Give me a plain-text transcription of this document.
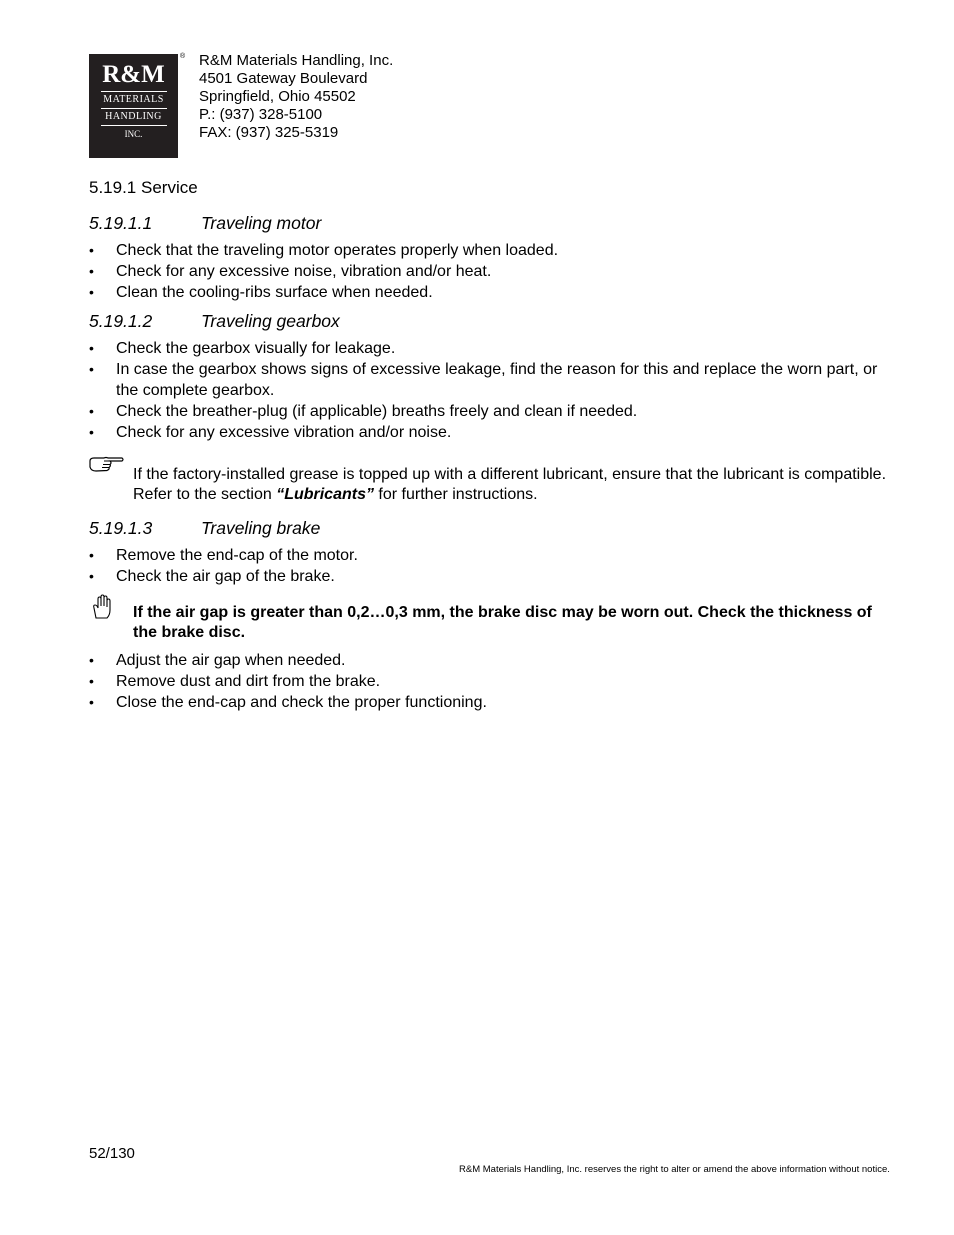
R&M
MATERIALS
HANDLING
INC.
® R&M Materials Handling, Inc.
4501 Gateway Boulevard
Springfield, Ohio 45502
P.: (937) 328-5100
FAX: (937) 325-5319
5.19.1 Service
5.19.1.1	Traveling motor
• Check that the traveling motor operates properly when loaded.
• Check for any excessive noise, vibration and/or heat.
• Clean the cooling-ribs surface when needed.
5.19.1.2	Traveling gearbox
• Check the gearbox visually for leakage.
• In case the gearbox shows signs of excessive leakage, find the reason for this and replace the worn part, or the complete gearbox.
• Check the breather-plug (if applicable) breaths freely and clean if needed.
• Check for any excessive vibration and/or noise.
If the factory-installed grease is topped up with a different lubricant, ensure that the lubricant is compatible. Refer to the section “Lubricants” for further instructions.
5.19.1.3	Traveling brake
• Remove the end-cap of the motor.
• Check the air gap of the brake.
If the air gap is greater than 0,2…0,3 mm, the brake disc may be worn out. Check the thickness of the brake disc.
• Adjust the air gap when needed.
• Remove dust and dirt from the brake.
• Close the end-cap and check the proper functioning.
52/130
R&M Materials Handling, Inc. reserves the right to alter or amend the above information without notice.
